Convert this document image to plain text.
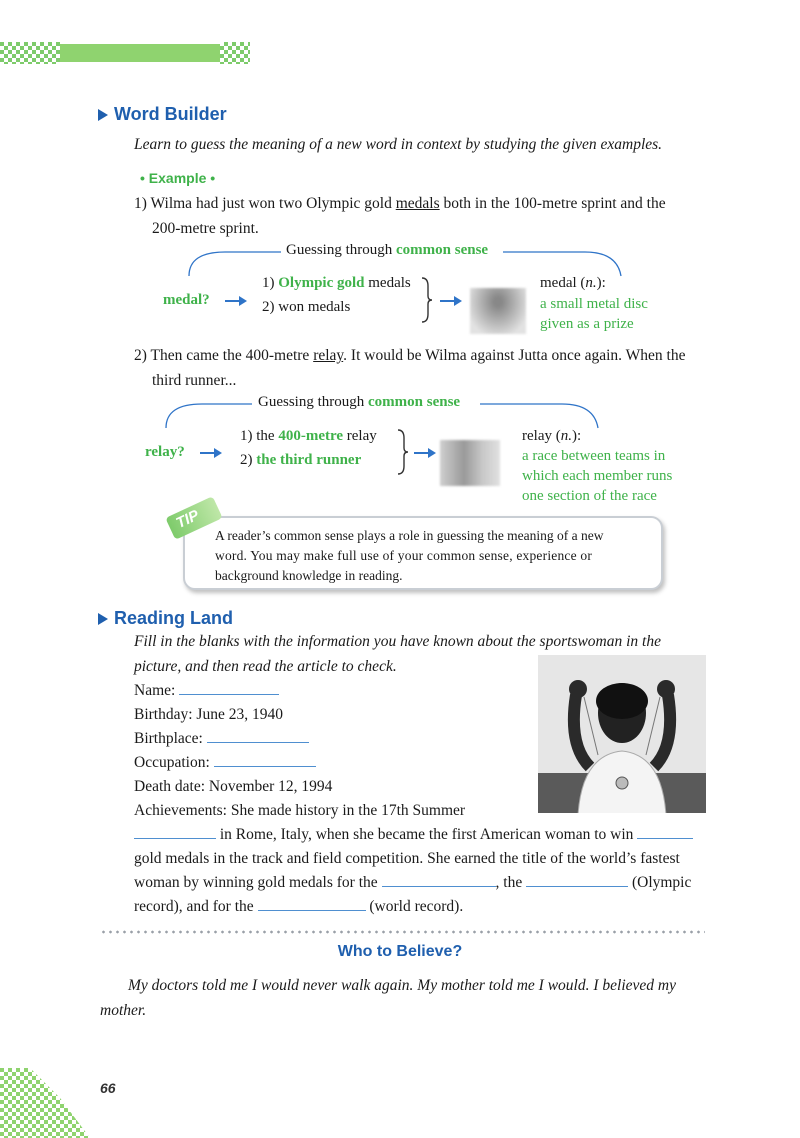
Word Builder
Learn to guess the meaning of a new word in context by studying the given examples.
• Example •
1) Wilma had just won two Olympic gold medals both in the 100-metre sprint and the
200-metre sprint.
Guessing through common sense
medal?
1) Olympic gold medals
2) won medals
medal (n.):
a small metal disc
given as a prize
2) Then came the 400-metre relay. It would be Wilma against Jutta once again. When the
third runner...
Guessing through common sense
relay?
1) the 400-metre relay
2) the third runner
relay (n.):
a race between teams in
which each member runs
one section of the race
A reader’s common sense plays a role in guessing the meaning of a new
word. You may make full use of your common sense, experience or
background knowledge in reading.
TIP
Reading Land
Fill in the blanks with the information you have known about the sportswoman in the
picture, and then read the article to check.
Name:
Birthday: June 23, 1940
Birthplace:
Occupation:
Death date: November 12, 1994
Achievements: She made history in the 17th Summer
in Rome, Italy, when she became the first American woman to win
gold medals in the track and field competition. She earned the title of the world’s fastest
woman by winning gold medals for the	, the	(Olympic
record), and for the	(world record).
Who to Believe?
My doctors told me I would never walk again. My mother told me I would. I believed my
mother.
66
